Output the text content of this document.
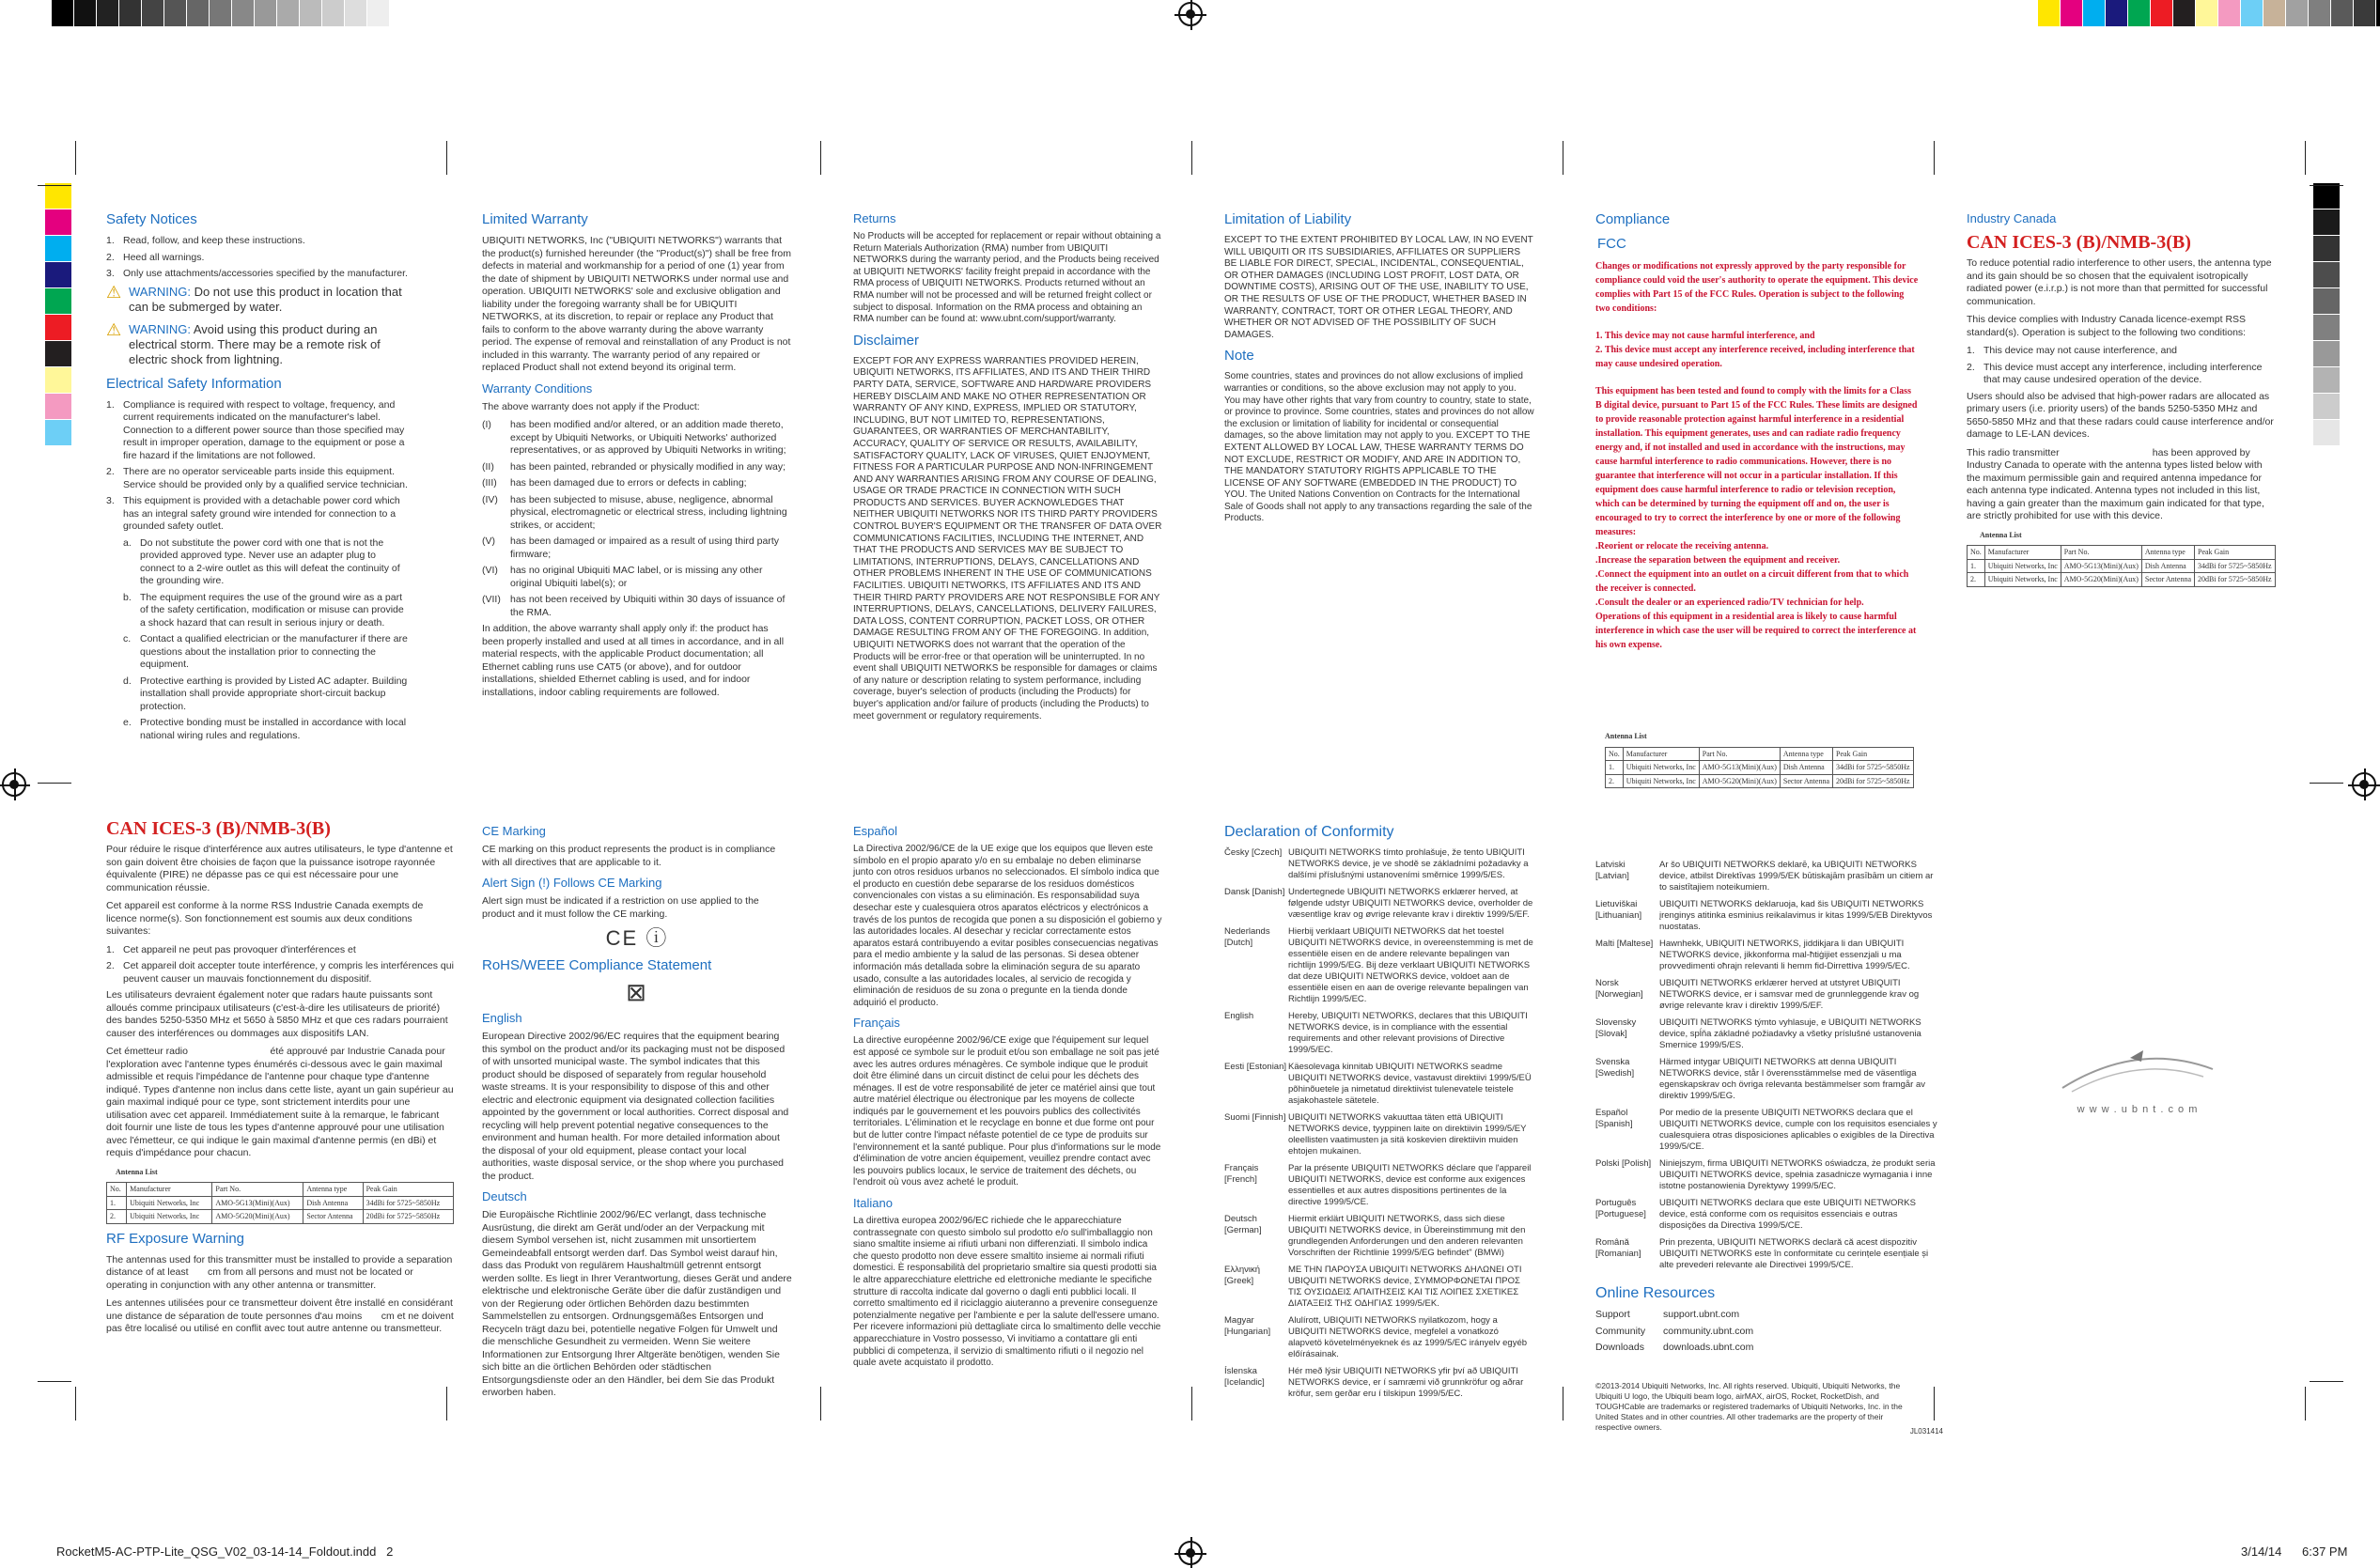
Safety Notices
1. Read, follow, and keep these instructions.
2. Heed all warnings.
3. Only use attachments/accessories specified by the manufacturer.
⚠ WARNING: Do not use this product in location that can be submerged by water.
⚠ WARNING: Avoid using this product during an electrical storm. There may be a remote risk of electric shock from lightning.
Electrical Safety Information
1. Compliance is required with respect to voltage, frequency, and current requirements indicated on the manufacturer's label. Connection to a different power source than those specified may result in improper operation, damage to the equipment or pose a fire hazard if the limitations are not followed.
2. There are no operator serviceable parts inside this equipment. Service should be provided only by a qualified service technician.
3. This equipment is provided with a detachable power cord which has an integral safety ground wire intended for connection to a grounded safety outlet.
a. Do not substitute the power cord with one that is not the provided approved type. Never use an adapter plug to connect to a 2-wire outlet as this will defeat the continuity of the grounding wire.
b. The equipment requires the use of the ground wire as a part of the safety certification, modification or misuse can provide a shock hazard that can result in serious injury or death.
c. Contact a qualified electrician or the manufacturer if there are questions about the installation prior to connecting the equipment.
d. Protective earthing is provided by Listed AC adapter. Building installation shall provide appropriate short-circuit backup protection.
e. Protective bonding must be installed in accordance with local national wiring rules and regulations.
Limited Warranty
UBIQUITI NETWORKS, Inc ("UBIQUITI NETWORKS") warrants that the product(s) furnished hereunder (the "Product(s)") shall be free from defects in material and workmanship for a period of one (1) year from the date of shipment by UBIQUITI NETWORKS under normal use and operation. UBIQUITI NETWORKS' sole and exclusive obligation and liability under the foregoing warranty shall be for UBIQUITI NETWORKS, at its discretion, to repair or replace any Product that fails to conform to the above warranty during the above warranty period. The expense of removal and reinstallation of any Product is not included in this warranty. The warranty period of any repaired or replaced Product shall not extend beyond its original term.
Warranty Conditions
The above warranty does not apply if the Product:
(I)	has been modified and/or altered, or an addition made thereto, except by Ubiquiti Networks, or Ubiquiti Networks' authorized representatives, or as approved by Ubiquiti Networks in writing;
(II)	has been painted, rebranded or physically modified in any way;
(III)	has been damaged due to errors or defects in cabling;
(IV)	has been subjected to misuse, abuse, negligence, abnormal physical, electromagnetic or electrical stress, including lightning strikes, or accident;
(V)	has been damaged or impaired as a result of using third party firmware;
(VI)	has no original Ubiquiti MAC label, or is missing any other original Ubiquiti label(s); or
(VII) has not been received by Ubiquiti within 30 days of issuance of the RMA.
In addition, the above warranty shall apply only if: the product has been properly installed and used at all times in accordance, and in all material respects, with the applicable Product documentation; all Ethernet cabling runs use CAT5 (or above), and for outdoor installations, shielded Ethernet cabling is used, and for indoor installations, indoor cabling requirements are followed.
Returns
No Products will be accepted for replacement or repair without obtaining a Return Materials Authorization (RMA) number from UBIQUITI NETWORKS during the warranty period, and the Products being received at UBIQUITI NETWORKS' facility freight prepaid in accordance with the RMA process of UBIQUITI NETWORKS. Products returned without an RMA number will not be processed and will be returned freight collect or subject to disposal. Information on the RMA process and obtaining an RMA number can be found at: www.ubnt.com/support/warranty.
Disclaimer
EXCEPT FOR ANY EXPRESS WARRANTIES PROVIDED HEREIN, UBIQUITI NETWORKS, ITS AFFILIATES, AND ITS AND THEIR THIRD PARTY DATA, SERVICE, SOFTWARE AND HARDWARE PROVIDERS HEREBY DISCLAIM AND MAKE NO OTHER REPRESENTATION OR WARRANTY OF ANY KIND, EXPRESS, IMPLIED OR STATUTORY, INCLUDING, BUT NOT LIMITED TO, REPRESENTATIONS, GUARANTEES, OR WARRANTIES OF MERCHANTABILITY, ACCURACY, QUALITY OF SERVICE OR RESULTS, AVAILABILITY, SATISFACTORY QUALITY, LACK OF VIRUSES, QUIET ENJOYMENT, FITNESS FOR A PARTICULAR PURPOSE AND NON-INFRINGEMENT AND ANY WARRANTIES ARISING FROM ANY COURSE OF DEALING, USAGE OR TRADE PRACTICE IN CONNECTION WITH SUCH PRODUCTS AND SERVICES. BUYER ACKNOWLEDGES THAT NEITHER UBIQUITI NETWORKS NOR ITS THIRD PARTY PROVIDERS CONTROL BUYER'S EQUIPMENT OR THE TRANSFER OF DATA OVER COMMUNICATIONS FACILITIES, INCLUDING THE INTERNET, AND THAT THE PRODUCTS AND SERVICES MAY BE SUBJECT TO LIMITATIONS, INTERRUPTIONS, DELAYS, CANCELLATIONS AND OTHER PROBLEMS INHERENT IN THE USE OF COMMUNICATIONS FACILITIES. UBIQUITI NETWORKS, ITS AFFILIATES AND ITS AND THEIR THIRD PARTY PROVIDERS ARE NOT RESPONSIBLE FOR ANY INTERRUPTIONS, DELAYS, CANCELLATIONS, DELIVERY FAILURES, DATA LOSS, CONTENT CORRUPTION, PACKET LOSS, OR OTHER DAMAGE RESULTING FROM ANY OF THE FOREGOING. In addition, UBIQUITI NETWORKS does not warrant that the operation of the Products will be error-free or that operation will be uninterrupted. In no event shall UBIQUITI NETWORKS be responsible for damages or claims of any nature or description relating to system performance, including coverage, buyer's selection of products (including the Products) for buyer's application and/or failure of products (including the Products) to meet government or regulatory requirements.
Limitation of Liability
EXCEPT TO THE EXTENT PROHIBITED BY LOCAL LAW, IN NO EVENT WILL UBIQUITI OR ITS SUBSIDIARIES, AFFILIATES OR SUPPLIERS BE LIABLE FOR DIRECT, SPECIAL, INCIDENTAL, CONSEQUENTIAL, OR OTHER DAMAGES (INCLUDING LOST PROFIT, LOST DATA, OR DOWNTIME COSTS), ARISING OUT OF THE USE, INABILITY TO USE, OR THE RESULTS OF USE OF THE PRODUCT, WHETHER BASED IN WARRANTY, CONTRACT, TORT OR OTHER LEGAL THEORY, AND WHETHER OR NOT ADVISED OF THE POSSIBILITY OF SUCH DAMAGES.
Note
Some countries, states and provinces do not allow exclusions of implied warranties or conditions, so the above exclusion may not apply to you. You may have other rights that vary from country to country, state to state, or province to province. Some countries, states and provinces do not allow the exclusion or limitation of liability for incidental or consequential damages, so the above limitation may not apply to you. EXCEPT TO THE EXTENT ALLOWED BY LOCAL LAW, THESE WARRANTY TERMS DO NOT EXCLUDE, RESTRICT OR MODIFY, AND ARE IN ADDITION TO, THE MANDATORY STATUTORY RIGHTS APPLICABLE TO THE LICENSE OF ANY SOFTWARE (EMBEDDED IN THE PRODUCT) TO YOU. The United Nations Convention on Contracts for the International Sale of Goods shall not apply to any transactions regarding the sale of the Products.
Compliance
FCC
Changes or modifications not expressly approved by the party responsible for compliance could void the user's authority to operate the equipment. This device complies with Part 15 of the FCC Rules. Operation is subject to the following two conditions:
1. This device may not cause harmful interference, and
2. This device must accept any interference received, including interference that may cause undesired operation.
This equipment has been tested and found to comply with the limits for a Class B digital device, pursuant to Part 15 of the FCC Rules. These limits are designed to provide reasonable protection against harmful interference in a residential installation. This equipment generates, uses and can radiate radio frequency energy and, if not installed and used in accordance with the instructions, may cause harmful interference to radio communications. However, there is no guarantee that interference will not occur in a particular installation. If this equipment does cause harmful interference to radio or television reception, which can be determined by turning the equipment off and on, the user is encouraged to try to correct the interference by one or more of the following measures:
.Reorient or relocate the receiving antenna.
.Increase the separation between the equipment and receiver.
.Connect the equipment into an outlet on a circuit different from that to which the receiver is connected.
.Consult the dealer or an experienced radio/TV technician for help.
Operations of this equipment in a residential area is likely to cause harmful interference in which case the user will be required to correct the interference at his own expense.
Antenna List
No.	Manufacturer	Part No.	Antenna type	Peak Gain
1.	Ubiquiti Networks, Inc	AMO-5G13(Mini)(Aux)	Dish Antenna	34dBi for 5725~5850Hz
2.	Ubiquiti Networks, Inc	AMO-5G20(Mini)(Aux)	Sector Antenna	20dBi for 5725~5850Hz
Industry Canada
CAN ICES-3 (B)/NMB-3(B)
To reduce potential radio interference to other users, the antenna type and its gain should be so chosen that the equivalent isotropically radiated power (e.i.r.p.) is not more than that permitted for successful communication.
This device complies with Industry Canada licence-exempt RSS standard(s). Operation is subject to the following two conditions:
1. This device may not cause interference, and
2. This device must accept any interference, including interference that may cause undesired operation of the device.
Users should also be advised that high-power radars are allocated as primary users (i.e. priority users) of the bands 5250-5350 MHz and 5650-5850 MHz and that these radars could cause interference and/or damage to LE-LAN devices.
This radio transmitter                                  has been approved by Industry Canada to operate with the antenna types listed below with the maximum permissible gain and required antenna impedance for each antenna type indicated. Antenna types not included in this list, having a gain greater than the maximum gain indicated for that type, are strictly prohibited for use with this device.
Antenna List
No.	Manufacturer	Part No.	Antenna type	Peak Gain
1.	Ubiquiti Networks, Inc	AMO-5G13(Mini)(Aux)	Dish Antenna	34dBi for 5725~5850Hz
2.	Ubiquiti Networks, Inc	AMO-5G20(Mini)(Aux)	Sector Antenna	20dBi for 5725~5850Hz
CAN ICES-3 (B)/NMB-3(B)
Pour réduire le risque d'interférence aux autres utilisateurs, le type d'antenne et son gain doivent être choisies de façon que la puissance isotrope rayonnée équivalente (PIRE) ne dépasse pas ce qui est nécessaire pour une communication réussie.
Cet appareil est conforme à la norme RSS Industrie Canada exempts de licence norme(s). Son fonctionnement est soumis aux deux conditions suivantes:
1. Cet appareil ne peut pas provoquer d'interférences et
2. Cet appareil doit accepter toute interférence, y compris les interférences qui peuvent causer un mauvais fonctionnement du dispositif.
Les utilisateurs devraient également noter que radars haute puissants sont alloués comme principaux utilisateurs (c'est-à-dire les utilisateurs de priorité) des bandes 5250-5350 MHz et 5650 à 5850 MHz et que ces radars pourraient causer des interférences ou dommages aux dispositifs LAN.
Cet émetteur radio                              été approuvé par Industrie Canada pour l'exploration avec l'antenne types énumérés ci-dessous avec le gain maximal admissible et requis l'impédance de l'antenne pour chaque type d'antenne indiqué. Types d'antenne non inclus dans cette liste, ayant un gain supérieur au gain maximal indiqué pour ce type, sont strictement interdits pour une utilisation avec cet appareil. Immédiatement suite à la remarque, le fabricant doit fournir une liste de tous les types d'antenne approuvé pour une utilisation avec l'émetteur, ce qui indique le gain maximal d'antenne permis (en dBi) et requis d'impédance pour chacun.
Antenna List
No.	Manufacturer	Part No.	Antenna type	Peak Gain
1.	Ubiquiti Networks, Inc	AMO-5G13(Mini)(Aux)	Dish Antenna	34dBi for 5725~5850Hz
2.	Ubiquiti Networks, Inc	AMO-5G20(Mini)(Aux)	Sector Antenna	20dBi for 5725~5850Hz
RF Exposure Warning
The antennas used for this transmitter must be installed to provide a separation distance of at least       cm from all persons and must not be located or operating in conjunction with any other antenna or transmitter.
Les antennes utilisées pour ce transmetteur doivent être installé en considérant une distance de séparation de toute personnes d'au moins       cm et ne doivent pas être localisé ou utilisé en conflit avec tout autre antenne ou transmetteur.
CE Marking
CE marking on this product represents the product is in compliance with all directives that are applicable to it.
Alert Sign (!) Follows CE Marking
Alert sign must be indicated if a restriction on use applied to the product and it must follow the CE marking.
CE ⓘ
RoHS/WEEE Compliance Statement
⊠
English
European Directive 2002/96/EC requires that the equipment bearing this symbol on the product and/or its packaging must not be disposed of with unsorted municipal waste. The symbol indicates that this product should be disposed of separately from regular household waste streams. It is your responsibility to dispose of this and other electric and electronic equipment via designated collection facilities appointed by the government or local authorities. Correct disposal and recycling will help prevent potential negative consequences to the environment and human health. For more detailed information about the disposal of your old equipment, please contact your local authorities, waste disposal service, or the shop where you purchased the product.
Deutsch
Die Europäische Richtlinie 2002/96/EC verlangt, dass technische Ausrüstung, die direkt am Gerät und/oder an der Verpackung mit diesem Symbol versehen ist, nicht zusammen mit unsortiertem Gemeindeabfall entsorgt werden darf. Das Symbol weist darauf hin, dass das Produkt von regulärem Haushaltmüll getrennt entsorgt werden sollte. Es liegt in Ihrer Verantwortung, dieses Gerät und andere elektrische und elektronische Geräte über die dafür zuständigen und von der Regierung oder örtlichen Behörden dazu bestimmten Sammelstellen zu entsorgen. Ordnungsgemäßes Entsorgen und Recyceln trägt dazu bei, potentielle negative Folgen für Umwelt und die menschliche Gesundheit zu vermeiden. Wenn Sie weitere Informationen zur Entsorgung Ihrer Altgeräte benötigen, wenden Sie sich bitte an die örtlichen Behörden oder städtischen Entsorgungsdienste oder an den Händler, bei dem Sie das Produkt erworben haben.
Español
La Directiva 2002/96/CE de la UE exige que los equipos que lleven este símbolo en el propio aparato y/o en su embalaje no deben eliminarse junto con otros residuos urbanos no seleccionados. El símbolo indica que el producto en cuestión debe separarse de los residuos domésticos convencionales con vistas a su eliminación. Es responsabilidad suya desechar este y cualesquiera otros aparatos eléctricos y electrónicos a través de los puntos de recogida que ponen a su disposición el gobierno y las autoridades locales. Al desechar y reciclar correctamente estos aparatos estará contribuyendo a evitar posibles consecuencias negativas para el medio ambiente y la salud de las personas. Si desea obtener información más detallada sobre la eliminación segura de su aparato usado, consulte a las autoridades locales, al servicio de recogida y eliminación de residuos de su zona o pregunte en la tienda donde adquirió el producto.
Français
La directive européenne 2002/96/CE exige que l'équipement sur lequel est apposé ce symbole sur le produit et/ou son emballage ne soit pas jeté avec les autres ordures ménagères. Ce symbole indique que le produit doit être éliminé dans un circuit distinct de celui pour les déchets des ménages. Il est de votre responsabilité de jeter ce matériel ainsi que tout autre matériel électrique ou électronique par les moyens de collecte indiqués par le gouvernement et les pouvoirs publics des collectivités territoriales. L'élimination et le recyclage en bonne et due forme ont pour but de lutter contre l'impact néfaste potentiel de ce type de produits sur l'environnement et la santé publique. Pour plus d'informations sur le mode d'élimination de votre ancien équipement, veuillez prendre contact avec les pouvoirs publics locaux, le service de traitement des déchets, ou l'endroit où vous avez acheté le produit.
Italiano
La direttiva europea 2002/96/EC richiede che le apparecchiature contrassegnate con questo simbolo sul prodotto e/o sull'imballaggio non siano smaltite insieme ai rifiuti urbani non differenziati. Il simbolo indica che questo prodotto non deve essere smaltito insieme ai normali rifiuti domestici. È responsabilità del proprietario smaltire sia questi prodotti sia le altre apparecchiature elettriche ed elettroniche mediante le specifiche strutture di raccolta indicate dal governo o dagli enti pubblici locali. Il corretto smaltimento ed il riciclaggio aiuteranno a prevenire conseguenze potenzialmente negative per l'ambiente e per la salute dell'essere umano. Per ricevere informazioni più dettagliate circa lo smaltimento delle vecchie apparecchiature in Vostro possesso, Vi invitiamo a contattare gli enti pubblici di competenza, il servizio di smaltimento rifiuti o il negozio nel quale avete acquistato il prodotto.
Declaration of Conformity
Česky [Czech] UBIQUITI NETWORKS tímto prohlašuje, že tento UBIQUITI NETWORKS device, je ve shodě se základními požadavky a dalšími příslušnými ustanoveními směrnice 1999/5/ES.
Dansk [Danish] Undertegnede UBIQUITI NETWORKS erklærer herved, at følgende udstyr UBIQUITI NETWORKS device, overholder de væsentlige krav og øvrige relevante krav i direktiv 1999/5/EF.
Nederlands [Dutch]
Hierbij verklaart UBIQUITI NETWORKS dat het toestel UBIQUITI NETWORKS device, in overeenstemming is met de essentiële eisen en de andere relevante bepalingen van richtlijn 1999/5/EG. Bij deze verklaart UBIQUITI NETWORKS dat deze UBIQUITI NETWORKS device, voldoet aan de essentiële eisen en aan de overige relevante bepalingen van Richtlijn 1999/5/EC.
English	Hereby, UBIQUITI NETWORKS, declares that this UBIQUITI NETWORKS device, is in compliance with the essential requirements and other relevant provisions of Directive 1999/5/EC.
Eesti [Estonian] Käesolevaga kinnitab UBIQUITI NETWORKS seadme UBIQUITI NETWORKS device, vastavust direktiivi 1999/5/EÜ põhinõuetele ja nimetatud direktiivist tulenevatele teistele asjakohastele sätetele.
Suomi [Finnish] UBIQUITI NETWORKS vakuuttaa täten että UBIQUITI NETWORKS device, tyyppinen laite on direktiivin 1999/5/EY oleellisten vaatimusten ja sitä koskevien direktiivin muiden ehtojen mukainen.
Français [French]
Par la présente UBIQUITI NETWORKS déclare que l'appareil UBIQUITI NETWORKS, device est conforme aux exigences essentielles et aux autres dispositions pertinentes de la directive 1999/5/CE.
Deutsch [German]
Hiermit erklärt UBIQUITI NETWORKS, dass sich diese UBIQUITI NETWORKS device, in Übereinstimmung mit den grundlegenden Anforderungen und den anderen relevanten Vorschriften der Richtlinie 1999/5/EG befindet" (BMWi)
Ελληνική [Greek]
ΜΕ ΤΗΝ ΠΑΡΟΥΣΑ UBIQUITI NETWORKS ΔΗΛΩΝΕΙ ΟΤΙ UBIQUITI NETWORKS device, ΣΥΜΜΟΡΦΩΝΕΤΑΙ ΠΡΟΣ ΤΙΣ ΟΥΣΙΩΔΕΙΣ ΑΠΑΙΤΗΣΕΙΣ ΚΑΙ ΤΙΣ ΛΟΙΠΕΣ ΣΧΕΤΙΚΕΣ ΔΙΑΤΑΞΕΙΣ ΤΗΣ ΟΔΗΓΙΑΣ 1999/5/ΕΚ.
Magyar [Hungarian]
Alulírott, UBIQUITI NETWORKS nyilatkozom, hogy a UBIQUITI NETWORKS device, megfelel a vonatkozó alapvetö követelményeknek és az 1999/5/EC irányelv egyéb előírásainak.
Íslenska [Icelandic]
Hér með lýsir UBIQUITI NETWORKS yfir því að UBIQUITI NETWORKS device, er í samræmi við grunnkröfur og aðrar kröfur, sem gerðar eru í tilskipun 1999/5/EC.
Latviski [Latvian]
Ar šo UBIQUITI NETWORKS deklarē, ka UBIQUITI NETWORKS device, atbilst Direktīvas 1999/5/EK būtiskajām prasībām un citiem ar to saistītajiem noteikumiem.
Lietuviškai [Lithuanian]
UBIQUITI NETWORKS deklaruoja, kad šis UBIQUITI NETWORKS įrenginys atitinka esminius reikalavimus ir kitas 1999/5/EB Direktyvos nuostatas.
Malti [Maltese] Hawnhekk, UBIQUITI NETWORKS, jiddikjara li dan UBIQUITI NETWORKS device, jikkonforma mal-ħtiġijiet essenzjali u ma provvedimenti oħrajn relevanti li hemm fid-Dirrettiva 1999/5/EC.
Norsk [Norwegian]
UBIQUITI NETWORKS erklærer herved at utstyret UBIQUITI NETWORKS device, er i samsvar med de grunnleggende krav og øvrige relevante krav i direktiv 1999/5/EF.
Slovensky [Slovak]
UBIQUITI NETWORKS týmto vyhlasuje, e UBIQUITI NETWORKS device, spĺňa základné požiadavky a všetky príslušné ustanovenia Smernice 1999/5/ES.
Svenska [Swedish]
Härmed intygar UBIQUITI NETWORKS att denna UBIQUITI NETWORKS device, står I överensstämmelse med de väsentliga egenskapskrav och övriga relevanta bestämmelser som framgår av direktiv 1999/5/EG.
Español [Spanish]
Por medio de la presente UBIQUITI NETWORKS declara que el UBIQUITI NETWORKS device, cumple con los requisitos esenciales y cualesquiera otras disposiciones aplicables o exigibles de la Directiva 1999/5/CE.
Polski [Polish] Niniejszym, firma UBIQUITI NETWORKS oświadcza, że produkt seria UBIQUITI NETWORKS device, spełnia zasadnicze wymagania i inne istotne postanowienia Dyrektywy 1999/5/EC.
Português [Portuguese]
UBIQUITI NETWORKS declara que este UBIQUITI NETWORKS device, está conforme com os requisitos essenciais e outras disposições da Directiva 1999/5/CE.
Română [Romanian]
Prin prezenta, UBIQUITI NETWORKS declară că acest dispozitiv UBIQUITI NETWORKS este în conformitate cu cerințele esențiale și alte prevederi relevante ale Directivei 1999/5/CE.
Online Resources
Support	support.ubnt.com
Community	community.ubnt.com
Downloads	downloads.ubnt.com
©2013-2014 Ubiquiti Networks, Inc. All rights reserved. Ubiquiti, Ubiquiti Networks, the Ubiquiti U logo, the Ubiquiti beam logo, airMAX, airOS, Rocket, RocketDish, and TOUGHCable are trademarks or registered trademarks of Ubiquiti Networks, Inc. in the United States and in other countries. All other trademarks are the property of their respective owners.	JL031414
w w w . u b n t . c o m
RocketM5-AC-PTP-Lite_QSG_V02_03-14-14_Foldout.indd   2	3/14/14 6:37 PM
